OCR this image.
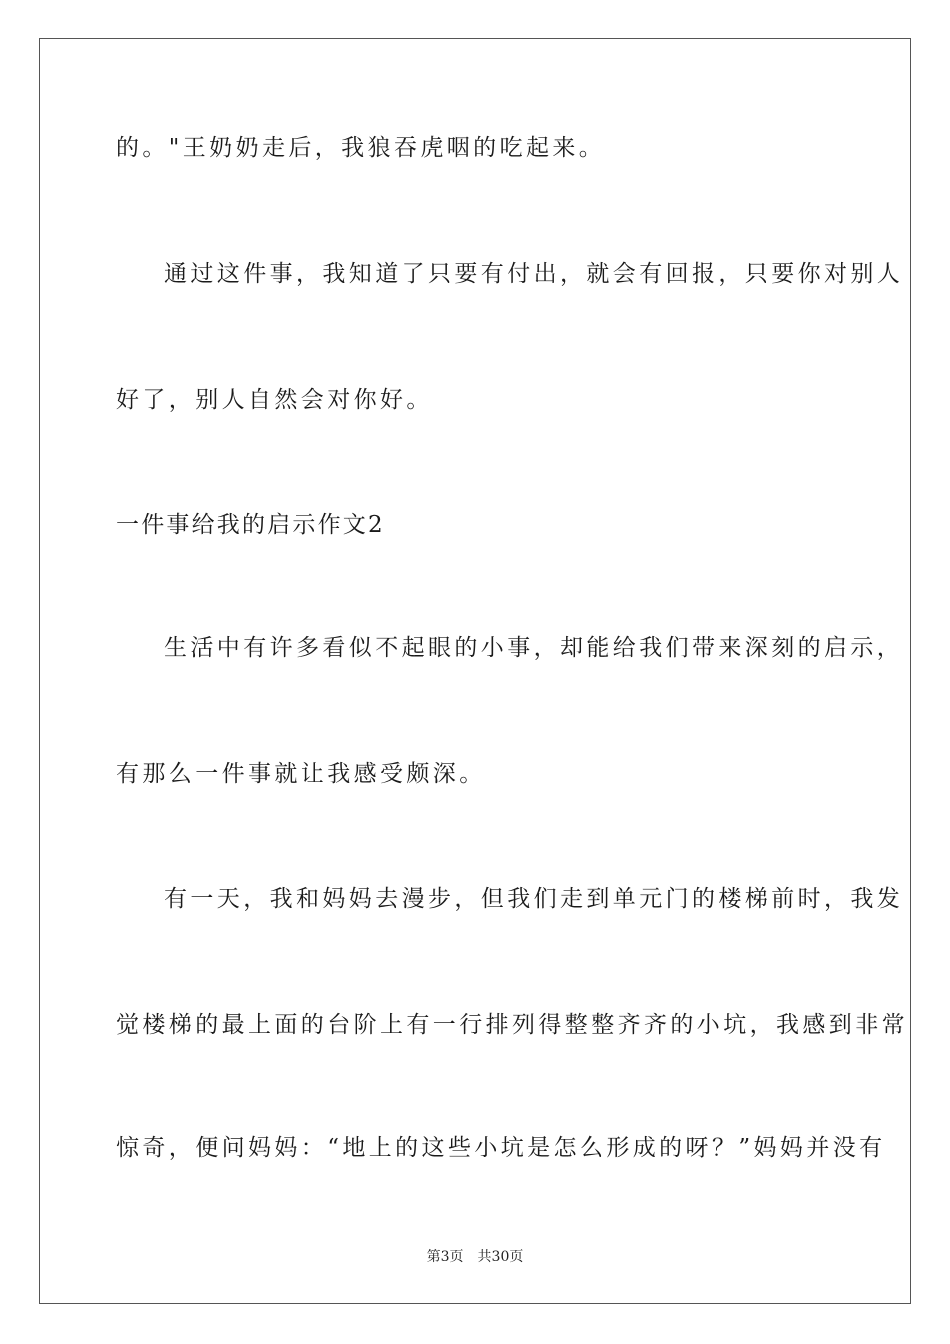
的。"王奶奶走后，我狼吞虎咽的吃起来。
通过这件事，我知道了只要有付出，就会有回报，只要你对别人
好了，别人自然会对你好。
一件事给我的启示作文2
生活中有许多看似不起眼的小事，却能给我们带来深刻的启示，
有那么一件事就让我感受颇深。
有一天，我和妈妈去漫步，但我们走到单元门的楼梯前时，我发
觉楼梯的最上面的台阶上有一行排列得整整齐齐的小坑，我感到非常
惊奇，便问妈妈：“地上的这些小坑是怎么形成的呀？”妈妈并没有
第3页 共30页
